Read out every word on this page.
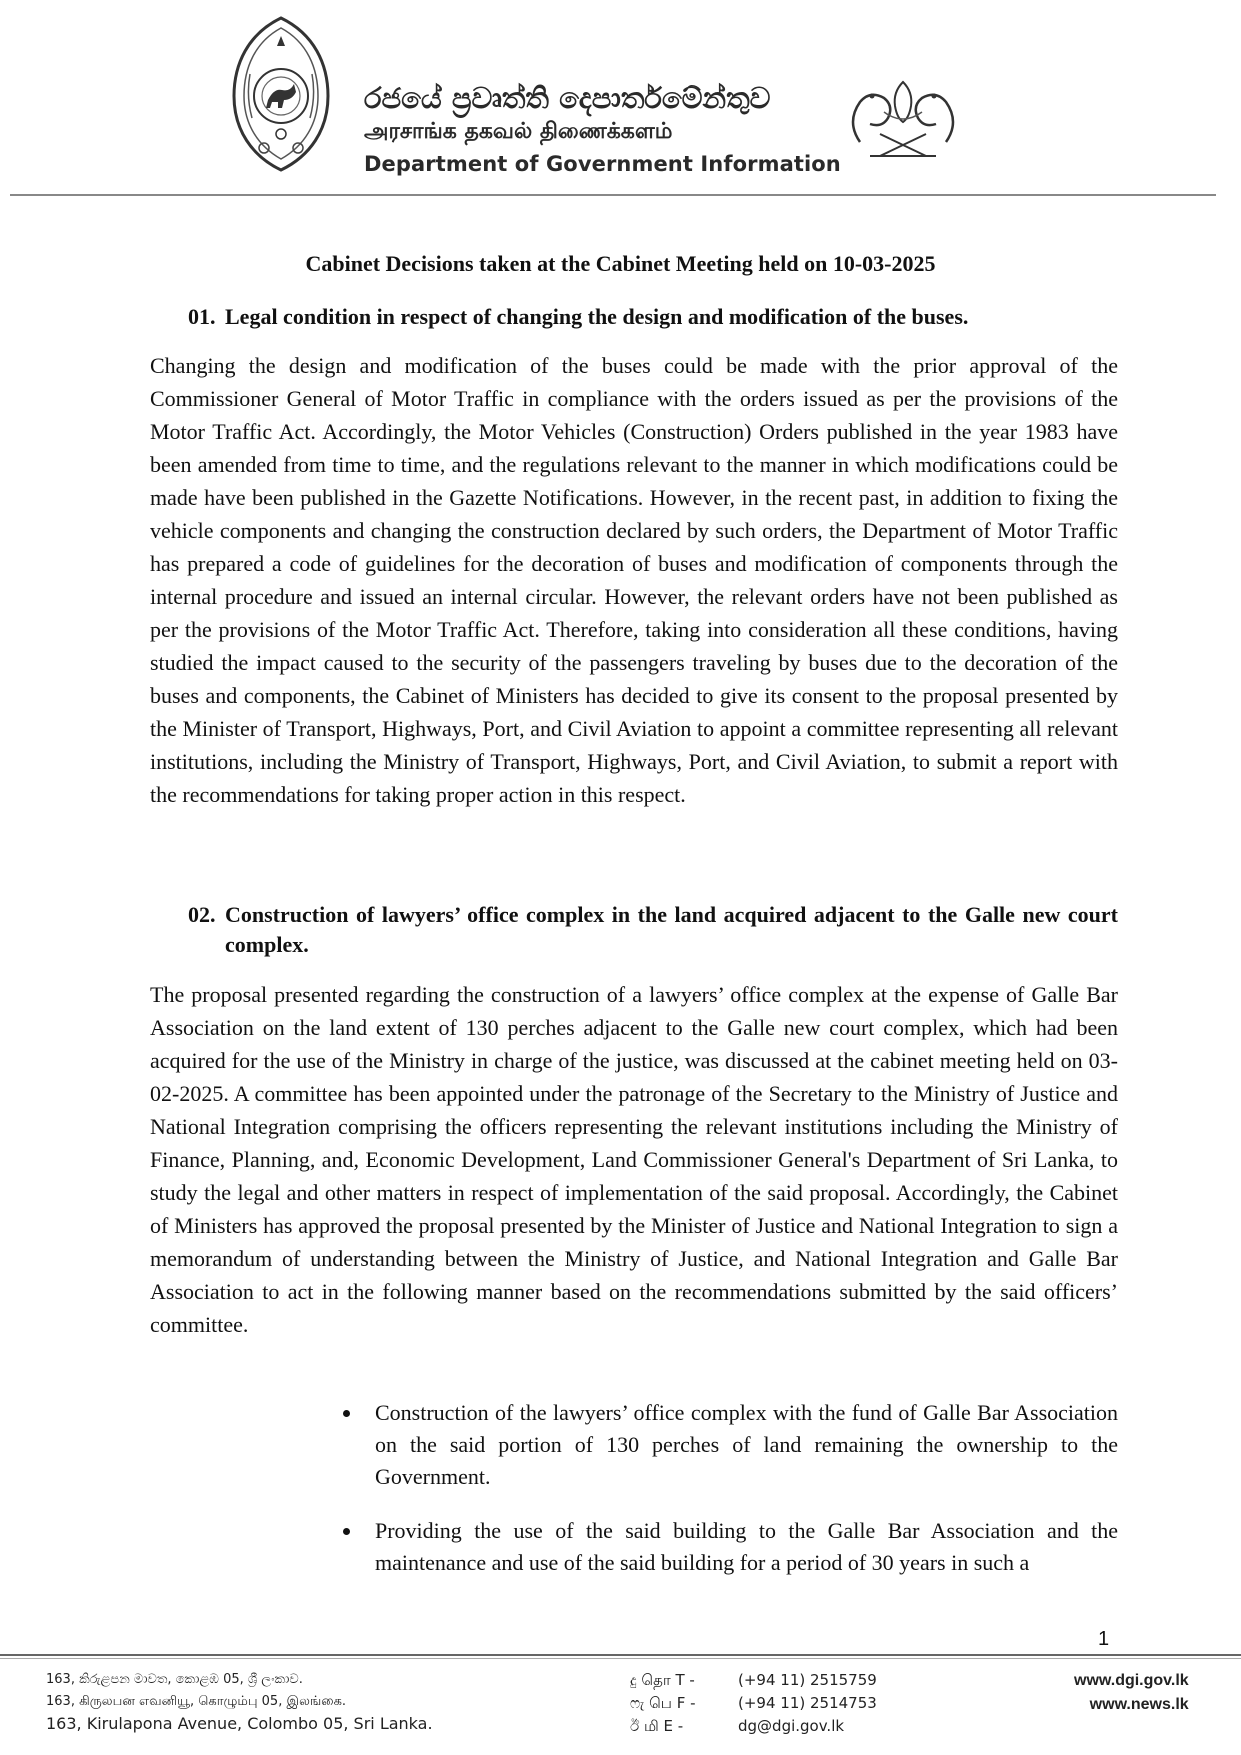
රජයේ ප්‍රවෘත්ති දෙපාර්තමේන්තුව
அரசாங்க தகவல் திணைக்களம்
Department of Government Information
Cabinet Decisions taken at the Cabinet Meeting held on 10-03-2025
01. Legal condition in respect of changing the design and modification of the buses.

Changing the design and modification of the buses could be made with the prior approval of the Commissioner General of Motor Traffic in compliance with the orders issued as per the provisions of the Motor Traffic Act. Accordingly, the Motor Vehicles (Construction) Orders published in the year 1983 have been amended from time to time, and the regulations relevant to the manner in which modifications could be made have been published in the Gazette Notifications. However, in the recent past, in addition to fixing the vehicle components and changing the construction declared by such orders, the Department of Motor Traffic has prepared a code of guidelines for the decoration of buses and modification of components through the internal procedure and issued an internal circular. However, the relevant orders have not been published as per the provisions of the Motor Traffic Act. Therefore, taking into consideration all these conditions, having studied the impact caused to the security of the passengers traveling by buses due to the decoration of the buses and components, the Cabinet of Ministers has decided to give its consent to the proposal presented by the Minister of Transport, Highways, Port, and Civil Aviation to appoint a committee representing all relevant institutions, including the Ministry of Transport, Highways, Port, and Civil Aviation, to submit a report with the recommendations for taking proper action in this respect.

02. Construction of lawyers’ office complex in the land acquired adjacent to the Galle new court complex.

The proposal presented regarding the construction of a lawyers’ office complex at the expense of Galle Bar Association on the land extent of 130 perches adjacent to the Galle new court complex, which had been acquired for the use of the Ministry in charge of the justice, was discussed at the cabinet meeting held on 03-02-2025. A committee has been appointed under the patronage of the Secretary to the Ministry of Justice and National Integration comprising the officers representing the relevant institutions including the Ministry of Finance, Planning, and, Economic Development, Land Commissioner General's Department of Sri Lanka, to study the legal and other matters in respect of implementation of the said proposal. Accordingly, the Cabinet of Ministers has approved the proposal presented by the Minister of Justice and National Integration to sign a memorandum of understanding between the Ministry of Justice, and National Integration and Galle Bar Association to act in the following manner based on the recommendations submitted by the said officers’ committee.

Construction of the lawyers’ office complex with the fund of Galle Bar Association on the said portion of 130 perches of land remaining the ownership to the Government.
Providing the use of the said building to the Galle Bar Association and the maintenance and use of the said building for a period of 30 years in such a
1
163, කිරුළපන මාවත, කොළඹ 05, ශ්‍රී ලංකාව.
163, கிருலபன எவனியூ, கொழும்பு 05, இலங்கை.
163, Kirulapona Avenue, Colombo 05, Sri Lanka.
දු தொ T -	(+94 11) 2515759
ෆැ பெ F -	(+94 11) 2514753
ඊ மி E -	dg@dgi.gov.lk
www.dgi.gov.lk
www.news.lk
